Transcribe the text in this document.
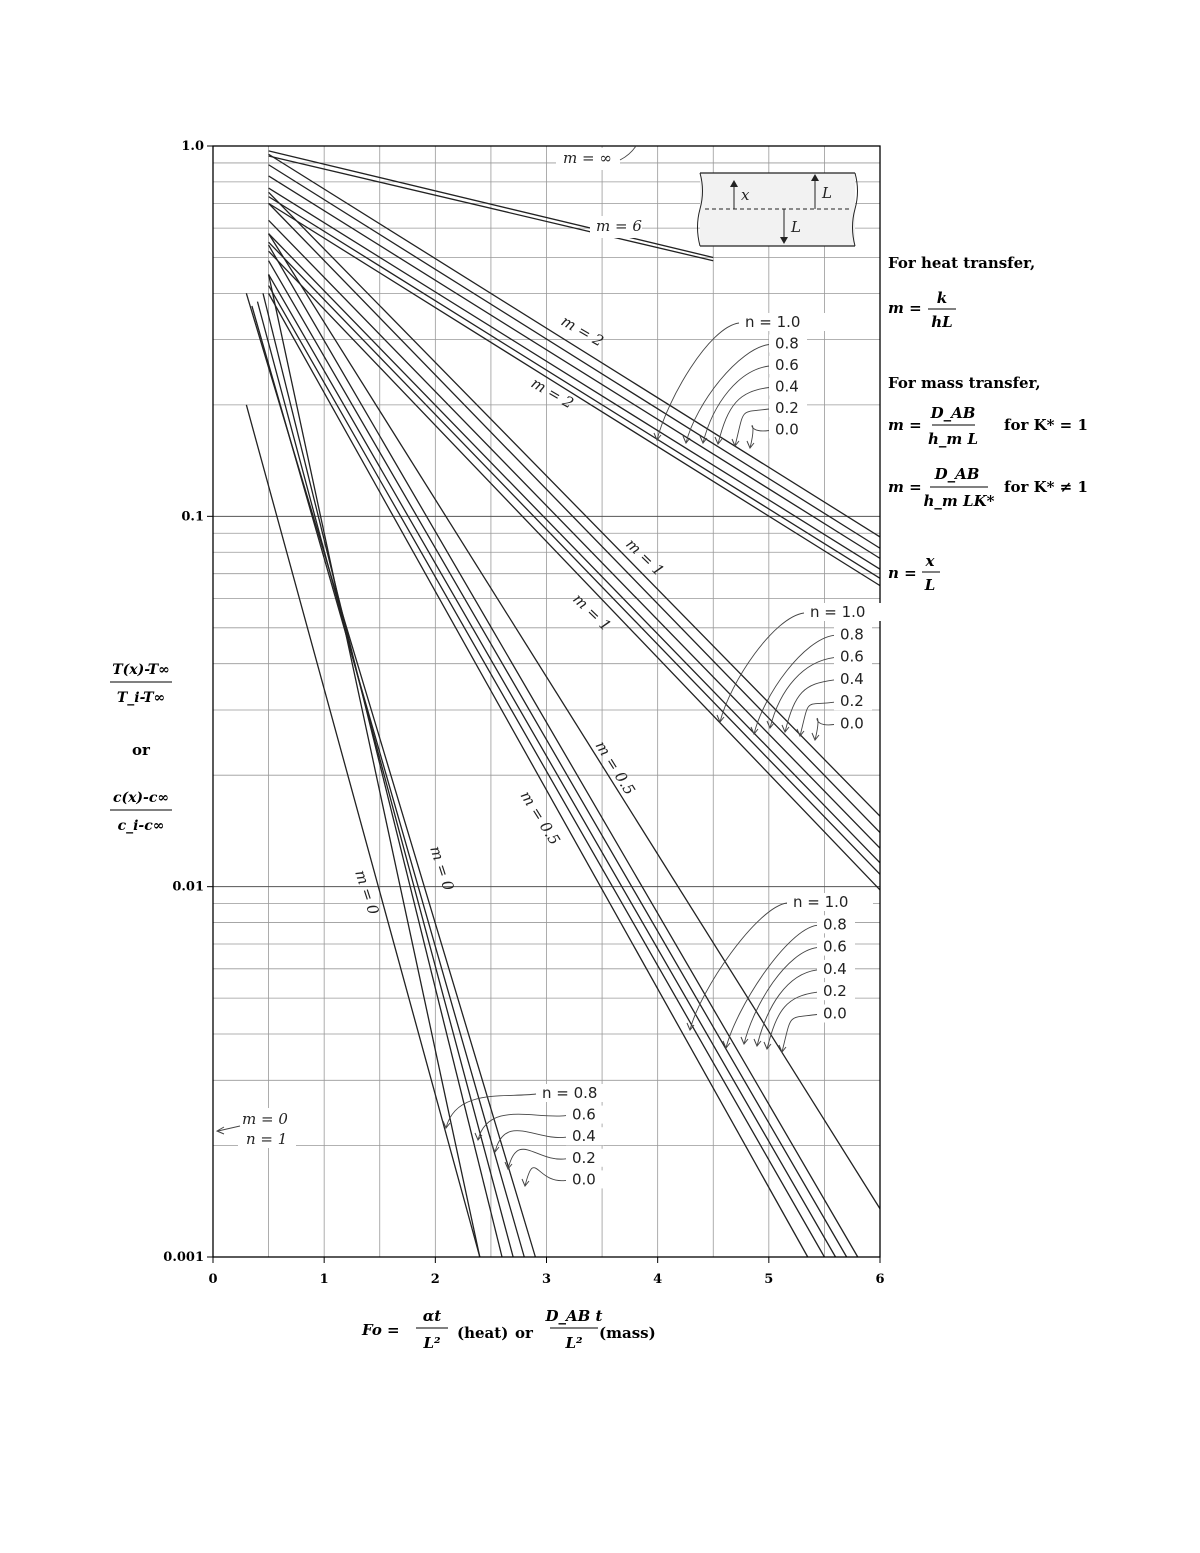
0	1	2	3	4	5	6
1.0
0.1
0.01
0.001
x	L
L
m = ∞
m = 6
m = 2
m = 2
m = 1
m = 1
m = 0.5
m = 0.5
m = 0
m = 0
n = 1.0
0.8
0.6
0.4
0.2
0.0
n = 1.0
0.8
0.6
0.4
0.2
0.0
n = 1.0
0.8
0.6
0.4
0.2
0.0
n = 0.8
0.6
0.4
0.2
0.0
m = 0
n = 1
T(x)-T∞
T_i-T∞
or
c(x)-c∞
c_i-c∞
Fo =
αt
L²
(heat) or
D_AB t
L²
(mass)
For heat transfer,
m =
k
hL
For mass transfer,
m =
D_AB
h_m L
for K* = 1
m =
D_AB
h_m LK*
for K* ≠ 1
n =
x
L
